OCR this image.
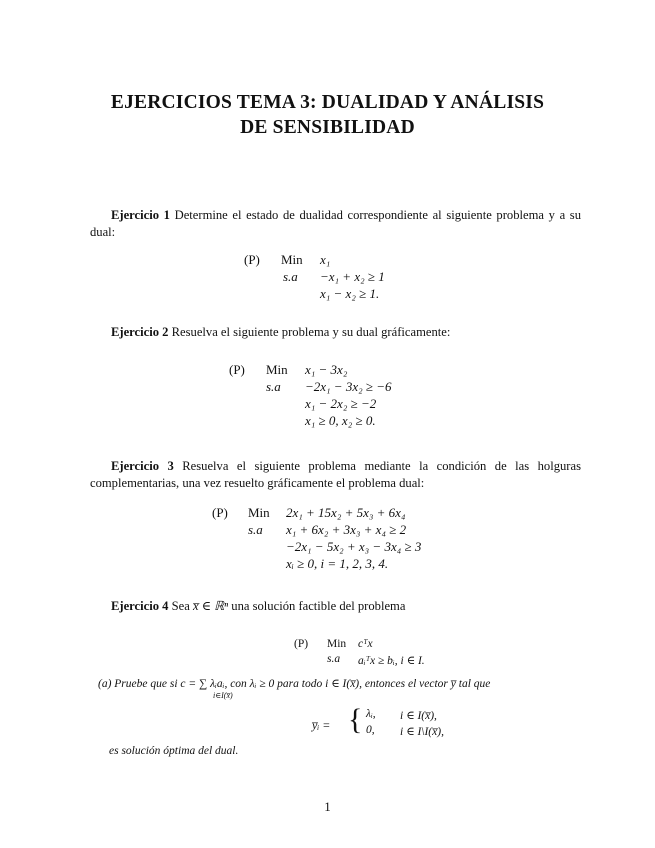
EJERCICIOS TEMA 3: DUALIDAD Y ANÁLISIS
DE SENSIBILIDAD
Ejercicio 1 Determine el estado de dualidad correspondiente al siguiente problema y a su dual:
(P) Min x₁
s.a −x₁ + x₂ ≥ 1
x₁ − x₂ ≥ 1.
Ejercicio 2 Resuelva el siguiente problema y su dual gráficamente:
(P) Min x₁ − 3x₂
s.a −2x₁ − 3x₂ ≥ −6
x₁ − 2x₂ ≥ −2
x₁ ≥ 0, x₂ ≥ 0.
Ejercicio 3 Resuelva el siguiente problema mediante la condición de las holguras complementarias, una vez resuelto gráficamente el problema dual:
(P) Min 2x₁ + 15x₂ + 5x₃ + 6x₄
s.a x₁ + 6x₂ + 3x₃ + x₄ ≥ 2
−2x₁ − 5x₂ + x₃ − 3x₄ ≥ 3
xᵢ ≥ 0, i = 1, 2, 3, 4.
Ejercicio 4 Sea x̅ ∈ ℝⁿ una solución factible del problema
(P) Min cᵀx
s.a aᵢᵀx ≥ bᵢ, i ∈ I.
(a) Pruebe que si c = ∑ λᵢaᵢ, con λᵢ ≥ 0 para todo i ∈ I(x̅), entonces el vector y̅ tal que
i∈I(x̅)
y̅ᵢ = { λᵢ, i ∈ I(x̅),
0, i ∈ I\I(x̅),
es solución óptima del dual.
1
